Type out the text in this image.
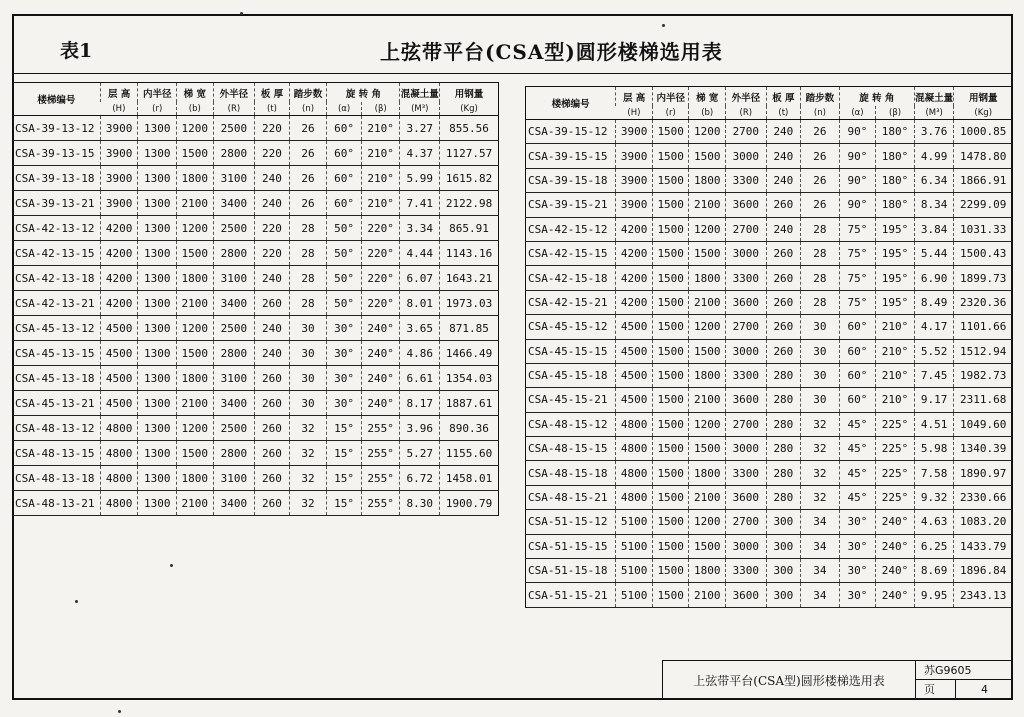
表1	上弦带平台(CSA型)圆形楼梯选用表
楼梯编号	层 高	内半径	梯 宽	外半径	板 厚	踏步数	旋 转 角		混凝土量	用钢量
	(H)	(r)	(b)	(R)	(t)	(n)	(α)	(β)	(M³)	(Kg)
CSA-39-13-12	3900	1300	1200	2500	220	26	60°	210°	3.27	855.56
CSA-39-13-15	3900	1300	1500	2800	220	26	60°	210°	4.37	1127.57
CSA-39-13-18	3900	1300	1800	3100	240	26	60°	210°	5.99	1615.82
CSA-39-13-21	3900	1300	2100	3400	240	26	60°	210°	7.41	2122.98
CSA-42-13-12	4200	1300	1200	2500	220	28	50°	220°	3.34	865.91
CSA-42-13-15	4200	1300	1500	2800	220	28	50°	220°	4.44	1143.16
CSA-42-13-18	4200	1300	1800	3100	240	28	50°	220°	6.07	1643.21
CSA-42-13-21	4200	1300	2100	3400	260	28	50°	220°	8.01	1973.03
CSA-45-13-12	4500	1300	1200	2500	240	30	30°	240°	3.65	871.85
CSA-45-13-15	4500	1300	1500	2800	240	30	30°	240°	4.86	1466.49
CSA-45-13-18	4500	1300	1800	3100	260	30	30°	240°	6.61	1354.03
CSA-45-13-21	4500	1300	2100	3400	260	30	30°	240°	8.17	1887.61
CSA-48-13-12	4800	1300	1200	2500	260	32	15°	255°	3.96	890.36
CSA-48-13-15	4800	1300	1500	2800	260	32	15°	255°	5.27	1155.60
CSA-48-13-18	4800	1300	1800	3100	260	32	15°	255°	6.72	1458.01
CSA-48-13-21	4800	1300	2100	3400	260	32	15°	255°	8.30	1900.79
楼梯编号	层 高	内半径	梯 宽	外半径	板 厚	踏步数	旋 转 角		混凝土量	用钢量
	(H)	(r)	(b)	(R)	(t)	(n)	(α)	(β)	(M³)	(Kg)
CSA-39-15-12	3900	1500	1200	2700	240	26	90°	180°	3.76	1000.85
CSA-39-15-15	3900	1500	1500	3000	240	26	90°	180°	4.99	1478.80
CSA-39-15-18	3900	1500	1800	3300	240	26	90°	180°	6.34	1866.91
CSA-39-15-21	3900	1500	2100	3600	260	26	90°	180°	8.34	2299.09
CSA-42-15-12	4200	1500	1200	2700	240	28	75°	195°	3.84	1031.33
CSA-42-15-15	4200	1500	1500	3000	260	28	75°	195°	5.44	1500.43
CSA-42-15-18	4200	1500	1800	3300	260	28	75°	195°	6.90	1899.73
CSA-42-15-21	4200	1500	2100	3600	260	28	75°	195°	8.49	2320.36
CSA-45-15-12	4500	1500	1200	2700	260	30	60°	210°	4.17	1101.66
CSA-45-15-15	4500	1500	1500	3000	260	30	60°	210°	5.52	1512.94
CSA-45-15-18	4500	1500	1800	3300	280	30	60°	210°	7.45	1982.73
CSA-45-15-21	4500	1500	2100	3600	280	30	60°	210°	9.17	2311.68
CSA-48-15-12	4800	1500	1200	2700	280	32	45°	225°	4.51	1049.60
CSA-48-15-15	4800	1500	1500	3000	280	32	45°	225°	5.98	1340.39
CSA-48-15-18	4800	1500	1800	3300	280	32	45°	225°	7.58	1890.97
CSA-48-15-21	4800	1500	2100	3600	280	32	45°	225°	9.32	2330.66
CSA-51-15-12	5100	1500	1200	2700	300	34	30°	240°	4.63	1083.20
CSA-51-15-15	5100	1500	1500	3000	300	34	30°	240°	6.25	1433.79
CSA-51-15-18	5100	1500	1800	3300	300	34	30°	240°	8.69	1896.84
CSA-51-15-21	5100	1500	2100	3600	300	34	30°	240°	9.95	2343.13
上弦带平台(CSA型)圆形楼梯选用表
苏G9605
页	4
